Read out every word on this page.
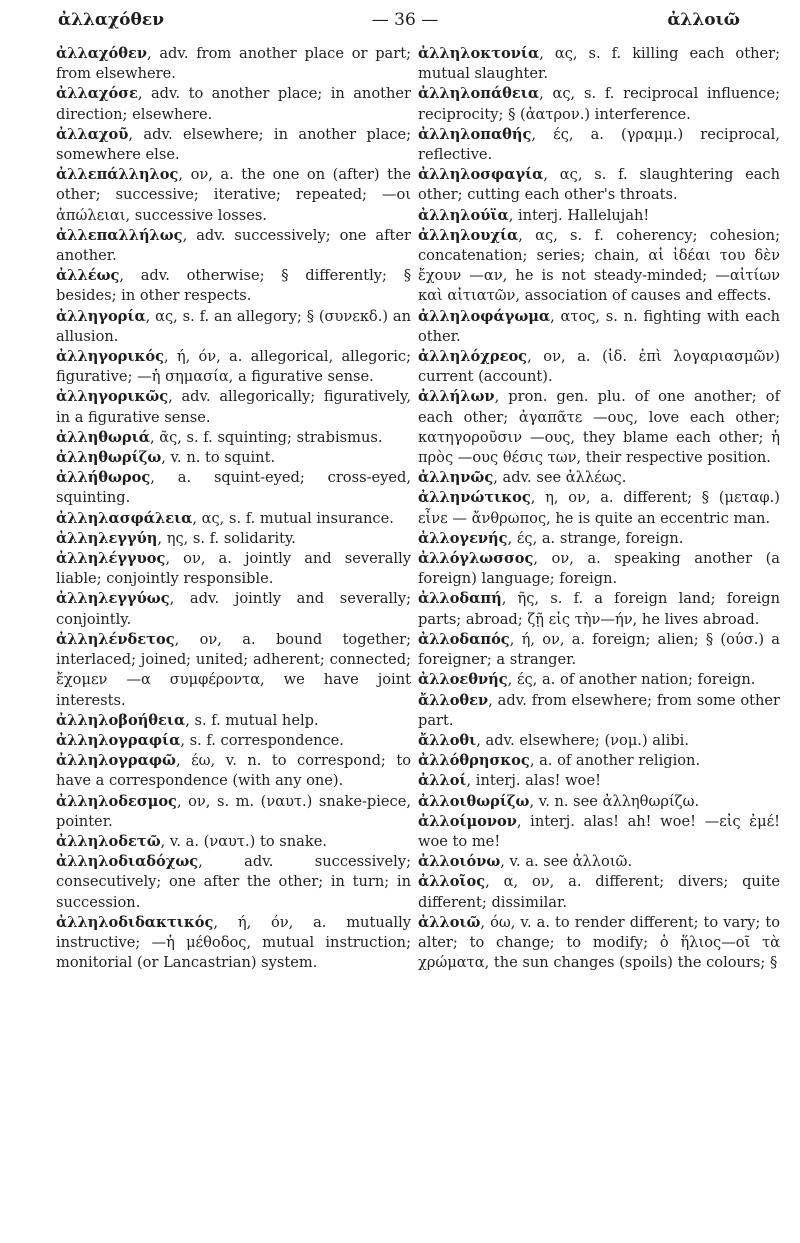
ἀλλαχόθεν	— 36 —	ἀλλοιῶ

ἀλλαχόθεν, adv. from another place or part; from elsewhere.

ἀλλαχόσε, adv. to another place; in another direction; elsewhere.

ἀλλαχοῦ, adv. elsewhere; in another place; somewhere else.

ἀλλεπάλληλος, ον, a. the one on (after) the other; successive; iterative; repeated; —οι ἀπώλειαι, successive losses.

ἀλλεπαλλήλως, adv. successively; one after another.

ἀλλέως, adv. otherwise; § differently; § besides; in other respects.

ἀλληγορία, ας, s. f. an allegory; § (συνεκδ.) an allusion.

ἀλληγορικός, ή, όν, a. allegorical, allegoric; figurative; —ἡ σημασία, a figurative sense.

ἀλληγορικῶς, adv. allegorically; figuratively, in a figurative sense.

ἀλληθωριά, ᾶς, s. f. squinting; strabismus.

ἀλληθωρίζω, v. n. to squint.

ἀλλήθωρος, a. squint-eyed; cross-eyed, squinting.

ἀλληλασφάλεια, ας, s. f. mutual insurance.

ἀλληλεγγύη, ης, s. f. solidarity.

ἀλληλέγγυος, ον, a. jointly and severally liable; conjointly responsible.

ἀλληλεγγύως, adv. jointly and severally; conjointly.

ἀλληλένδετος, ον, a. bound together; interlaced; joined; united; adherent; connected; ἔχομεν —α συμφέροντα, we have joint interests.

ἀλληλοβοήθεια, s. f. mutual help.

ἀλληλογραφία, s. f. correspondence.

ἀλληλογραφῶ, έω, v. n. to correspond; to have a correspondence (with any one).

ἀλληλοδεσμος, ον, s. m. (ναυτ.) snake-piece, pointer.

ἀλληλοδετῶ, v. a. (ναυτ.) to snake.

ἀλληλοδιαδόχως, adv. successively; consecutively; one after the other; in turn; in succession.

ἀλληλοδιδακτικός, ή, όν, a. mutually instructive; —ἡ μέθοδος, mutual instruction; monitorial (or Lancastrian) system.

ἀλληλοκτονία, ας, s. f. killing each other; mutual slaughter.

ἀλληλοπάθεια, ας, s. f. reciprocal influence; reciprocity; § (ἀατρον.) interference.

ἀλληλοπαθής, ές, a. (γραμμ.) reciprocal, reflective.

ἀλληλοσφαγία, ας, s. f. slaughtering each other; cutting each other's throats.

ἀλληλούϊα, interj. Hallelujah!

ἀλληλουχία, ας, s. f. coherency; cohesion; concatenation; series; chain, αἱ ἰδέαι του δὲν ἔχουν —αν, he is not steady-minded; —αἰτίων καὶ αἰτιατῶν, association of causes and effects.

ἀλληλοφάγωμα, ατος, s. n. fighting with each other.

ἀλληλόχρεος, ον, a. (ἰδ. ἐπὶ λογαριασμῶν) current (account).

ἀλλήλων, pron. gen. plu. of one another; of each other; ἀγαπᾶτε —ους, love each other; κατηγοροῦσιν —ους, they blame each other; ἡ πρὸς —ους θέσις των, their respective position.

ἀλληνῶς, adv. see ἀλλέως.

ἀλληνώτικος, η, ον, a. different; § (μεταφ.) εἶνε — ἄνθρωπος, he is quite an eccentric man.

ἀλλογενής, ές, a. strange, foreign.

ἀλλόγλωσσος, ον, a. speaking another (a foreign) language; foreign.

ἀλλοδαπή, ῆς, s. f. a foreign land; foreign parts; abroad; ζῇ εἰς τὴν—ήν, he lives abroad.

ἀλλοδαπός, ή, ον, a. foreign; alien; § (ούσ.) a foreigner; a stranger.

ἀλλοεθνής, ές, a. of another nation; foreign.

ἄλλοθεν, adv. from elsewhere; from some other part.

ἄλλοθι, adv. elsewhere; (νομ.) alibi.

ἀλλόθρησκος, a. of another religion.

ἀλλοί, interj. alas! woe!

ἀλλοιθωρίζω, v. n. see ἀλληθωρίζω.

ἀλλοίμονον, interj. alas! ah! woe! —εἰς ἐμέ! woe to me!

ἀλλοιόνω, v. a. see ἀλλοιῶ.

ἀλλοῖος, α, ον, a. different; divers; quite different; dissimilar.

ἀλλοιῶ, όω, v. a. to render different; to vary; to alter; to change; to modify; ὁ ἥλιος—οῖ τὰ χρώματα, the sun changes (spoils) the colours; §
